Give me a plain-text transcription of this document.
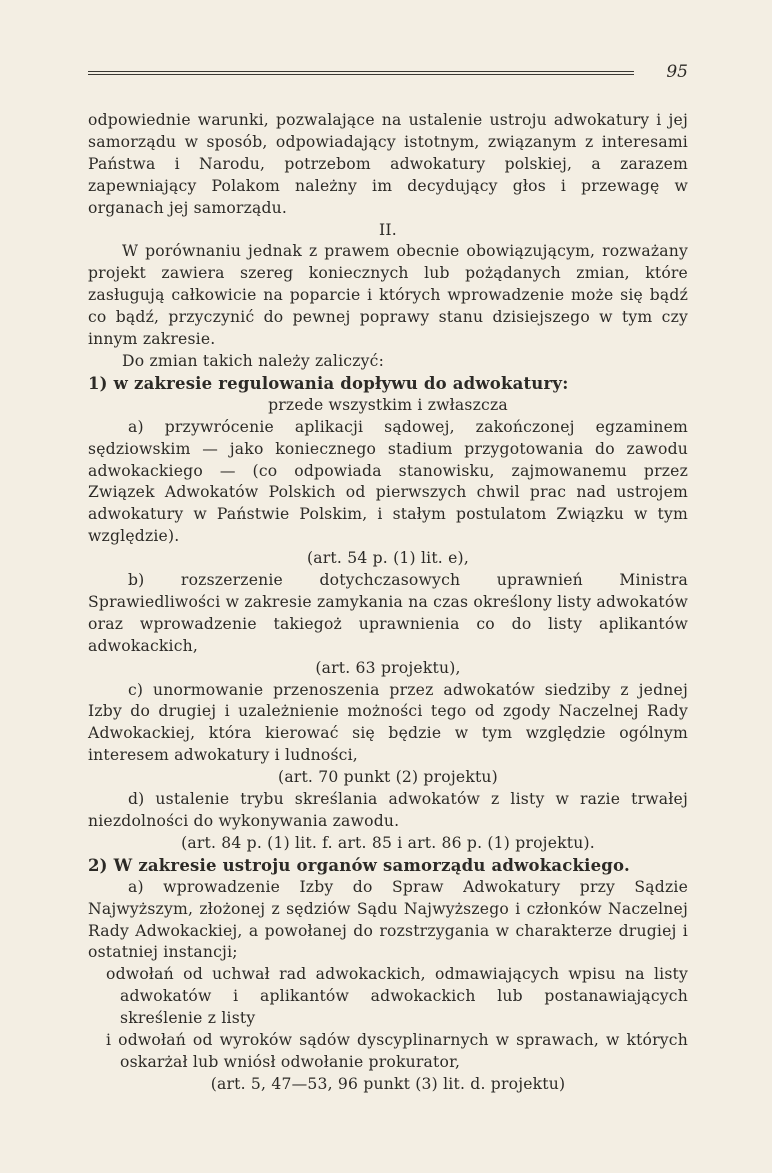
95

odpowiednie warunki, pozwalające na ustalenie ustroju adwokatury i jej samorządu w sposób, odpowiadający istotnym, związanym z interesami Państwa i Narodu, potrzebom adwokatury polskiej, a zarazem zapewniający Polakom należny im decydujący głos i przewagę w organach jej samorządu.

II.

W porównaniu jednak z prawem obecnie obowiązującym, rozważany projekt zawiera szereg koniecznych lub pożądanych zmian, które zasługują całkowicie na poparcie i których wprowadzenie może się bądź co bądź, przyczynić do pewnej poprawy stanu dzisiejszego w tym czy innym zakresie.

Do zmian takich należy zaliczyć:

1) w zakresie regulowania dopływu do adwokatury:

przede wszystkim i zwłaszcza

a) przywrócenie aplikacji sądowej, zakończonej egzaminem sędziowskim — jako koniecznego stadium przygotowania do zawodu adwokackiego — (co odpowiada stanowisku, zajmowanemu przez Związek Adwokatów Polskich od pierwszych chwil prac nad ustrojem adwokatury w Państwie Polskim, i stałym postulatom Związku w tym względzie).

(art. 54 p. (1) lit. e),

b) rozszerzenie dotychczasowych uprawnień Ministra Sprawiedliwości w zakresie zamykania na czas określony listy adwokatów oraz wprowadzenie takiegoż uprawnienia co do listy aplikantów adwokackich,

(art. 63 projektu),

c) unormowanie przenoszenia przez adwokatów siedziby z jednej Izby do drugiej i uzależnienie możności tego od zgody Naczelnej Rady Adwokackiej, która kierować się będzie w tym względzie ogólnym interesem adwokatury i ludności,

(art. 70 punkt (2) projektu)

d) ustalenie trybu skreślania adwokatów z listy w razie trwałej niezdolności do wykonywania zawodu.

(art. 84 p. (1) lit. f. art. 85 i art. 86 p. (1) projektu).

2) W zakresie ustroju organów samorządu adwokackiego.

a) wprowadzenie Izby do Spraw Adwokatury przy Sądzie Najwyższym, złożonej z sędziów Sądu Najwyższego i członków Naczelnej Rady Adwokackiej, a powołanej do rozstrzygania w charakterze drugiej i ostatniej instancji;

odwołań od uchwał rad adwokackich, odmawiających wpisu na listy adwokatów i aplikantów adwokackich lub postanawiających skreślenie z listy

i odwołań od wyroków sądów dyscyplinarnych w sprawach, w których oskarżał lub wniósł odwołanie prokurator,

(art. 5, 47—53, 96 punkt (3) lit. d. projektu)
